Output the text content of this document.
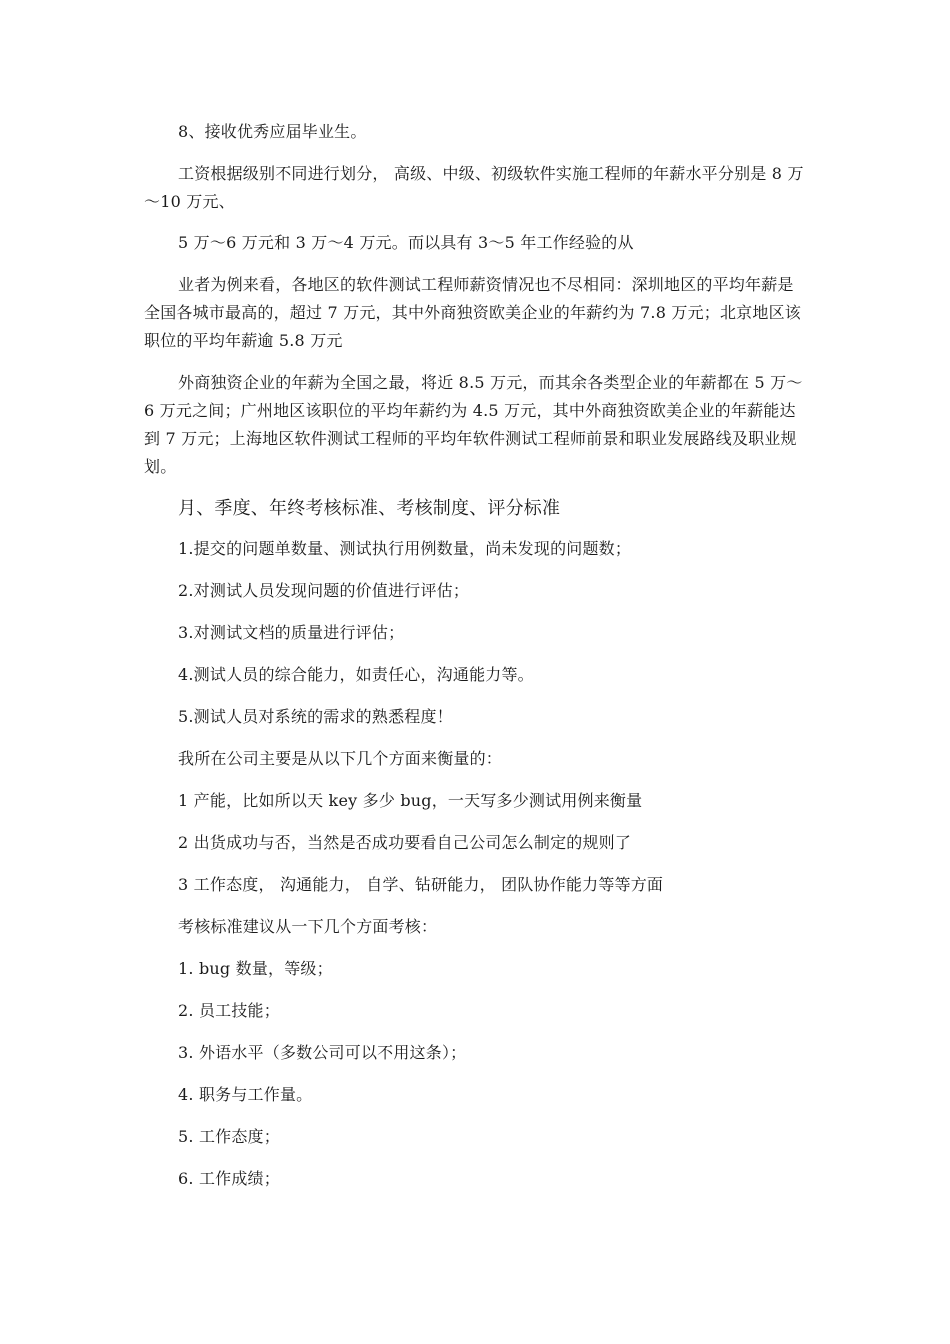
8、接收优秀应届毕业生。

工资根据级别不同进行划分， 高级、中级、初级软件实施工程师的年薪水平分别是 8 万～10 万元、

5 万～6 万元和 3 万～4 万元。而以具有 3～5 年工作经验的从

业者为例来看，各地区的软件测试工程师薪资情况也不尽相同：深圳地区的平均年薪是全国各城市最高的，超过 7 万元，其中外商独资欧美企业的年薪约为 7.8 万元；北京地区该职位的平均年薪逾 5.8 万元

外商独资企业的年薪为全国之最，将近 8.5 万元，而其余各类型企业的年薪都在 5 万～6 万元之间；广州地区该职位的平均年薪约为 4.5 万元，其中外商独资欧美企业的年薪能达到 7 万元；上海地区软件测试工程师的平均年软件测试工程师前景和职业发展路线及职业规划。

月、季度、年终考核标准、考核制度、评分标准

1.提交的问题单数量、测试执行用例数量，尚未发现的问题数；
2.对测试人员发现问题的价值进行评估；
3.对测试文档的质量进行评估；
4.测试人员的综合能力，如责任心，沟通能力等。
5.测试人员对系统的需求的熟悉程度！
我所在公司主要是从以下几个方面来衡量的：
1 产能，比如所以天 key 多少 bug，一天写多少测试用例来衡量
2 出货成功与否，当然是否成功要看自己公司怎么制定的规则了
3 工作态度， 沟通能力， 自学、钻研能力， 团队协作能力等等方面
考核标准建议从一下几个方面考核：
1. bug 数量，等级；
2. 员工技能；
3. 外语水平（多数公司可以不用这条）；
4. 职务与工作量。
5. 工作态度；
6. 工作成绩；
